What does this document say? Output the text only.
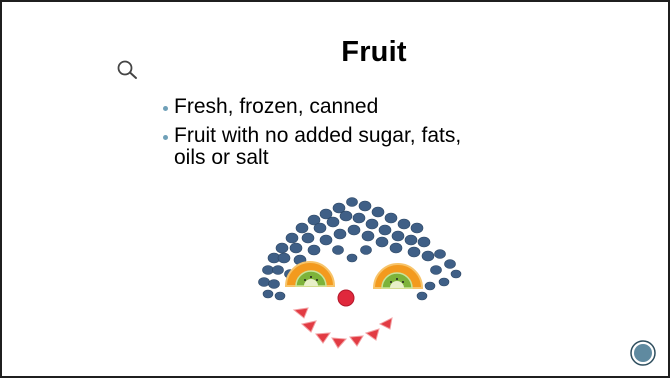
Fruit
Fresh, frozen, canned
Fruit with no added sugar, fats, oils or salt
